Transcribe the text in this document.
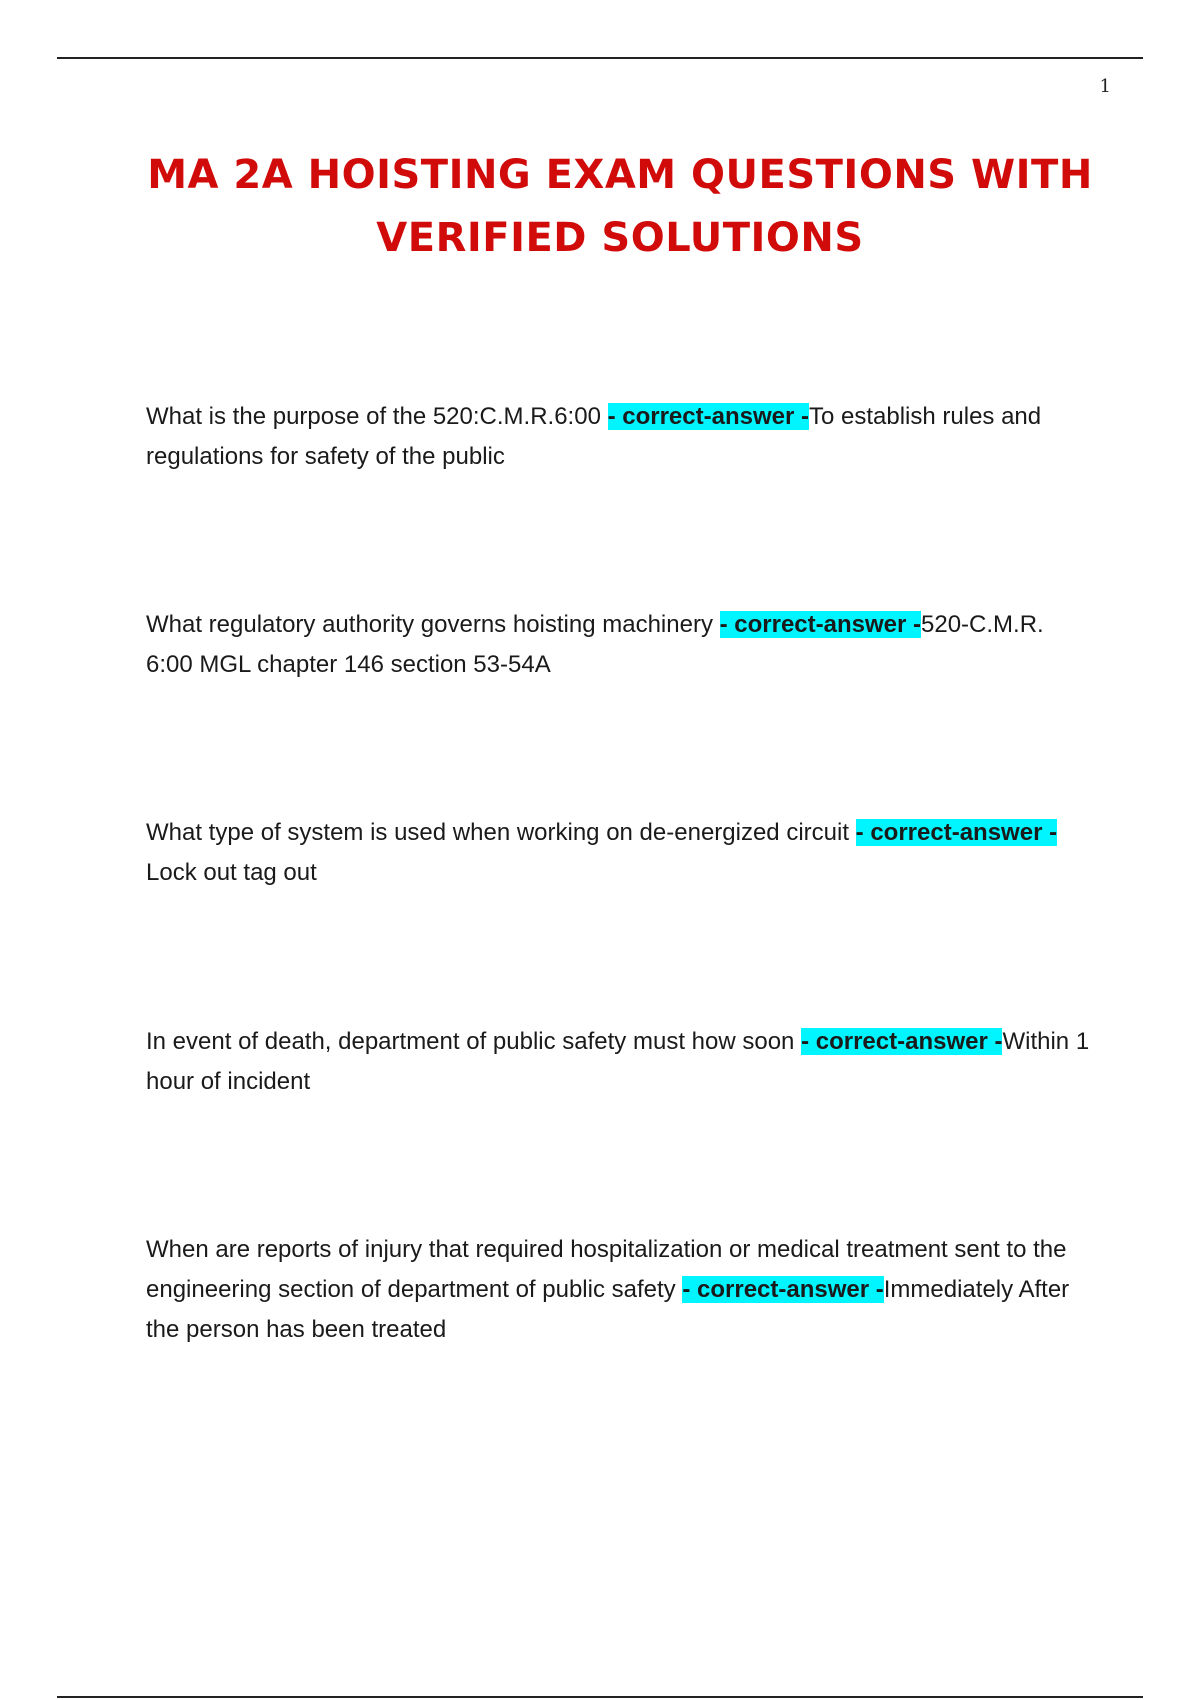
1
MA 2A HOISTING EXAM QUESTIONS WITH
VERIFIED SOLUTIONS

What is the purpose of the 520:C.M.R.6:00 - correct-answer -To establish rules and regulations for safety of the public

What regulatory authority governs hoisting machinery - correct-answer -520-C.M.R. 6:00 MGL chapter 146 section 53-54A

What type of system is used when working on de-energized circuit - correct-answer -Lock out tag out

In event of death, department of public safety must how soon - correct-answer -Within 1 hour of incident

When are reports of injury that required hospitalization or medical treatment sent to the engineering section of department of public safety - correct-answer -Immediately After the person has been treated
